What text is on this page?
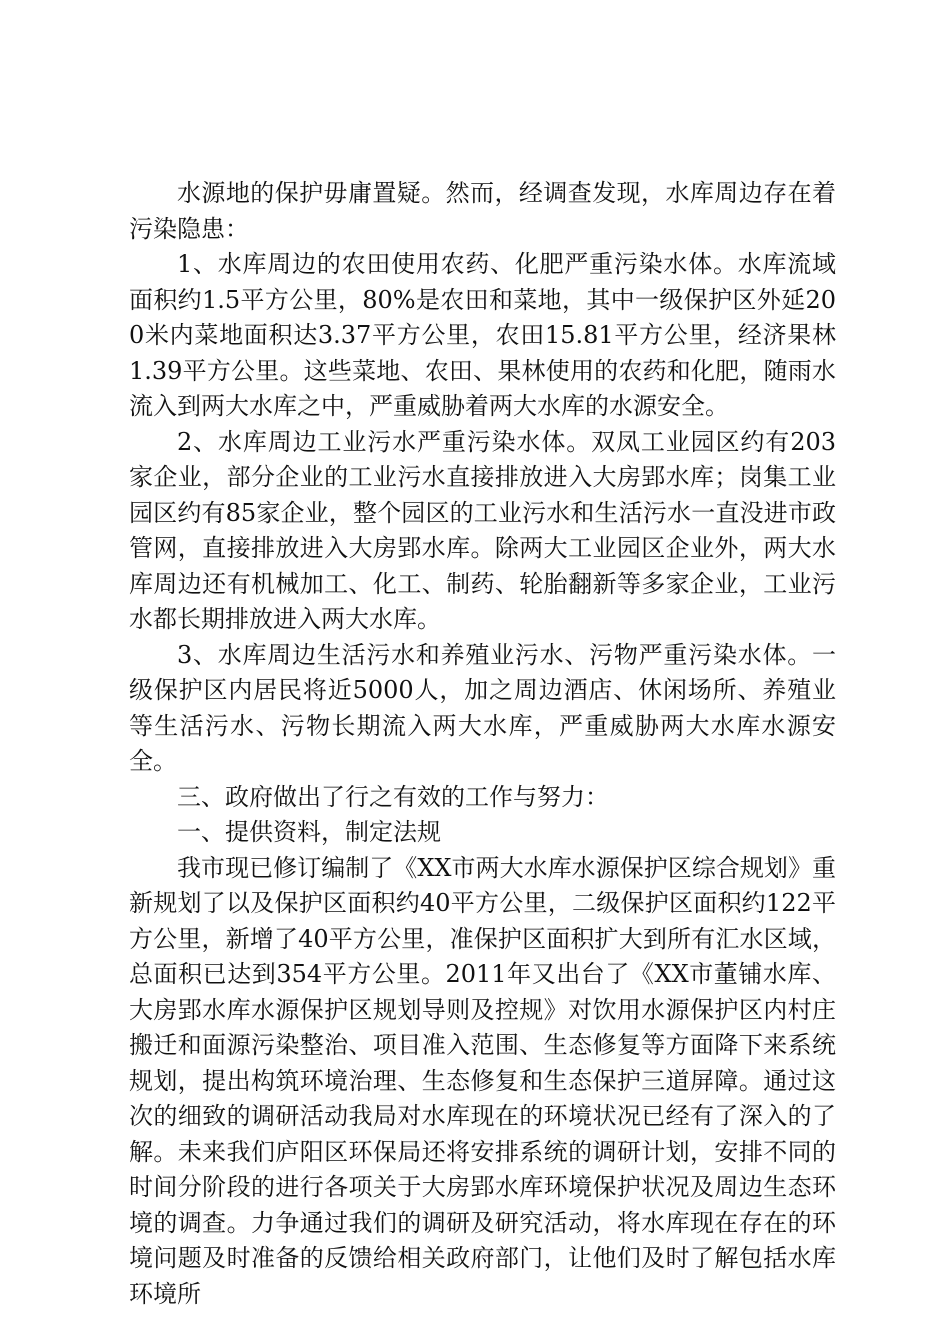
水源地的保护毋庸置疑。然而，经调查发现，水库周边存在着污染隐患：

1、水库周边的农田使用农药、化肥严重污染水体。水库流域面积约1.5平方公里，80%是农田和菜地，其中一级保护区外延200米内菜地面积达3.37平方公里，农田15.81平方公里，经济果林1.39平方公里。这些菜地、农田、果林使用的农药和化肥，随雨水流入到两大水库之中，严重威胁着两大水库的水源安全。

2、水库周边工业污水严重污染水体。双凤工业园区约有203家企业，部分企业的工业污水直接排放进入大房郢水库；岗集工业园区约有85家企业，整个园区的工业污水和生活污水一直没进市政管网，直接排放进入大房郢水库。除两大工业园区企业外，两大水库周边还有机械加工、化工、制药、轮胎翻新等多家企业，工业污水都长期排放进入两大水库。

3、水库周边生活污水和养殖业污水、污物严重污染水体。一级保护区内居民将近5000人，加之周边酒店、休闲场所、养殖业等生活污水、污物长期流入两大水库，严重威胁两大水库水源安全。

三、政府做出了行之有效的工作与努力：

一、提供资料，制定法规

我市现已修订编制了《XX市两大水库水源保护区综合规划》重新规划了以及保护区面积约40平方公里，二级保护区面积约122平方公里，新增了40平方公里，准保护区面积扩大到所有汇水区域，总面积已达到354平方公里。2011年又出台了《XX市董铺水库、大房郢水库水源保护区规划导则及控规》对饮用水源保护区内村庄搬迁和面源污染整治、项目准入范围、生态修复等方面降下来系统规划，提出构筑环境治理、生态修复和生态保护三道屏障。通过这次的细致的调研活动我局对水库现在的环境状况已经有了深入的了解。未来我们庐阳区环保局还将安排系统的调研计划，安排不同的时间分阶段的进行各项关于大房郢水库环境保护状况及周边生态环境的调查。力争通过我们的调研及研究活动，将水库现在存在的环境问题及时准备的反馈给相关政府部门，让他们及时了解包括水库环境所
